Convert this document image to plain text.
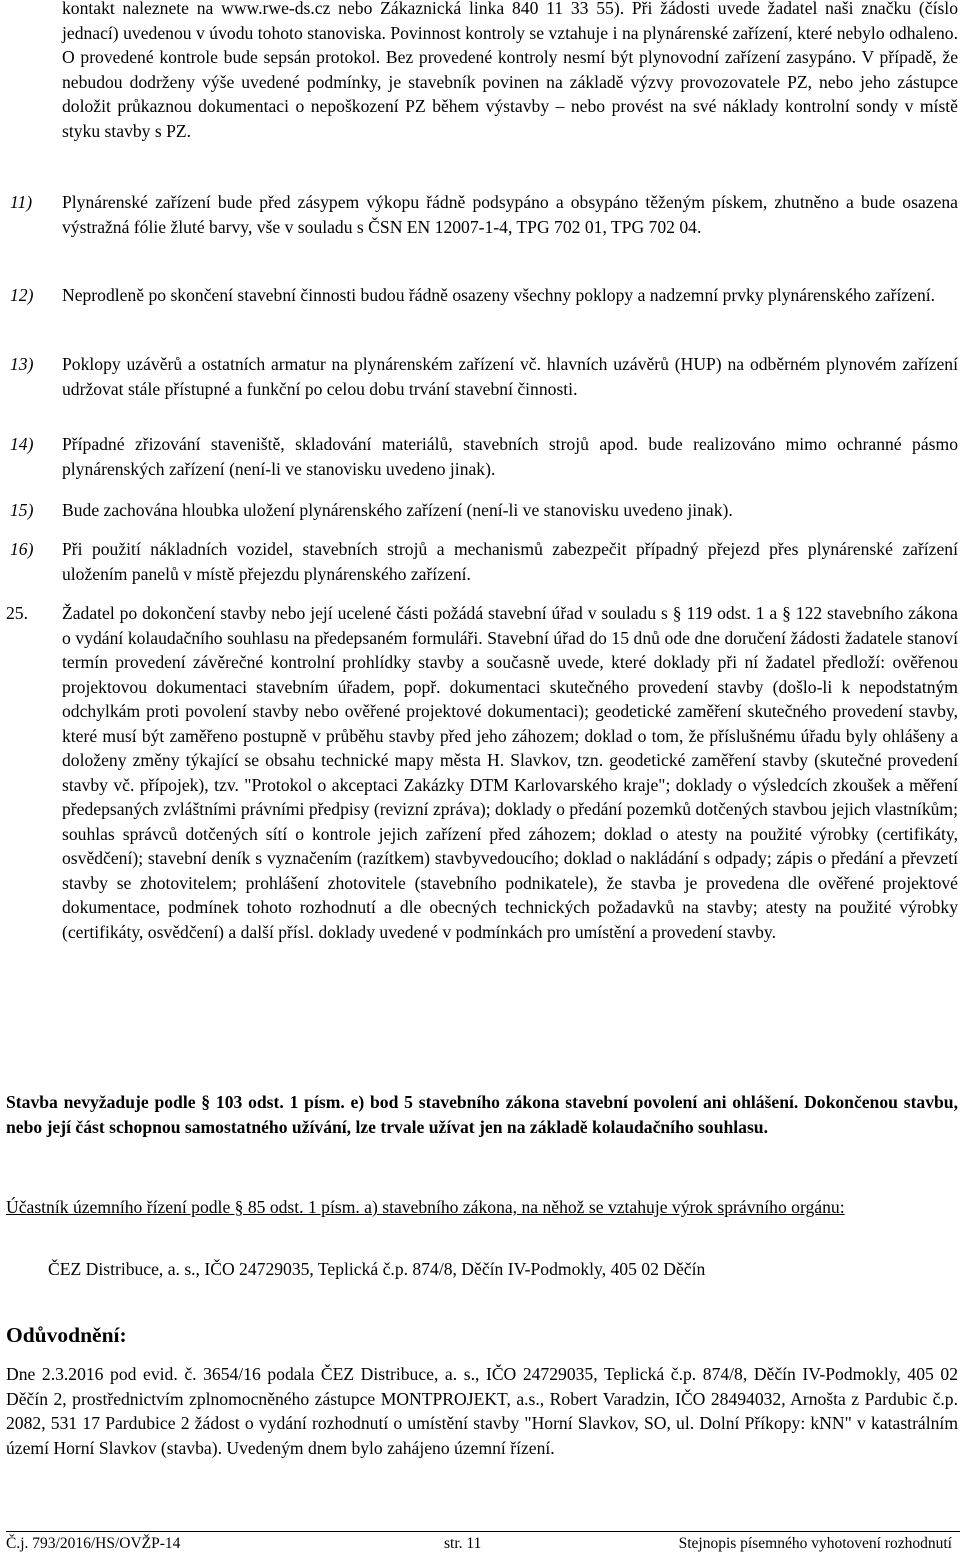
kontakt naleznete na www.rwe-ds.cz nebo Zákaznická linka 840 11 33 55). Při žádosti uvede žadatel naši značku (číslo jednací) uvedenou v úvodu tohoto stanoviska. Povinnost kontroly se vztahuje i na plynárenské zařízení, které nebylo odhaleno. O provedené kontrole bude sepsán protokol. Bez provedené kontroly nesmí být plynovodní zařízení zasypáno. V případě, že nebudou dodrženy výše uvedené podmínky, je stavebník povinen na základě výzvy provozovatele PZ, nebo jeho zástupce doložit průkaznou dokumentaci o nepoškození PZ během výstavby – nebo provést na své náklady kontrolní sondy v místě styku stavby s PZ.

11) Plynárenské zařízení bude před zásypem výkopu řádně podsypáno a obsypáno těženým pískem, zhutněno a bude osazena výstražná fólie žluté barvy, vše v souladu s ČSN EN 12007-1-4, TPG 702 01, TPG 702 04.

12) Neprodleně po skončení stavební činnosti budou řádně osazeny všechny poklopy a nadzemní prvky plynárenského zařízení.

13) Poklopy uzávěrů a ostatních armatur na plynárenském zařízení vč. hlavních uzávěrů (HUP) na odběrném plynovém zařízení udržovat stále přístupné a funkční po celou dobu trvání stavební činnosti.

14) Případné zřizování staveniště, skladování materiálů, stavebních strojů apod. bude realizováno mimo ochranné pásmo plynárenských zařízení (není-li ve stanovisku uvedeno jinak).

15) Bude zachována hloubka uložení plynárenského zařízení (není-li ve stanovisku uvedeno jinak).

16) Při použití nákladních vozidel, stavebních strojů a mechanismů zabezpečit případný přejezd přes plynárenské zařízení uložením panelů v místě přejezdu plynárenského zařízení.

25. Žadatel po dokončení stavby nebo její ucelené části požádá stavební úřad v souladu s § 119 odst. 1 a § 122 stavebního zákona o vydání kolaudačního souhlasu na předepsaném formuláři. Stavební úřad do 15 dnů ode dne doručení žádosti žadatele stanoví termín provedení závěrečné kontrolní prohlídky stavby a současně uvede, které doklady při ní žadatel předloží: ověřenou projektovou dokumentaci stavebním úřadem, popř. dokumentaci skutečného provedení stavby (došlo-li k nepodstatným odchylkám proti povolení stavby nebo ověřené projektové dokumentaci); geodetické zaměření skutečného provedení stavby, které musí být zaměřeno postupně v průběhu stavby před jeho záhozem; doklad o tom, že příslušnému úřadu byly ohlášeny a doloženy změny týkající se obsahu technické mapy města H. Slavkov, tzn. geodetické zaměření stavby (skutečné provedení stavby vč. přípojek), tzv. "Protokol o akceptaci Zakázky DTM Karlovarského kraje"; doklady o výsledcích zkoušek a měření předepsaných zvláštními právními předpisy (revizní zpráva); doklady o předání pozemků dotčených stavbou jejich vlastníkům; souhlas správců dotčených sítí o kontrole jejich zařízení před záhozem; doklad o atesty na použité výrobky (certifikáty, osvědčení); stavební deník s vyznačením (razítkem) stavbyvedoucího; doklad o nakládání s odpady; zápis o předání a převzetí stavby se zhotovitelem; prohlášení zhotovitele (stavebního podnikatele), že stavba je provedena dle ověřené projektové dokumentace, podmínek tohoto rozhodnutí a dle obecných technických požadavků na stavby; atesty na použité výrobky (certifikáty, osvědčení) a další přísl. doklady uvedené v podmínkách pro umístění a provedení stavby.

Stavba nevyžaduje podle § 103 odst. 1 písm. e) bod 5 stavebního zákona stavební povolení ani ohlášení. Dokončenou stavbu, nebo její část schopnou samostatného užívání, lze trvale užívat jen na základě kolaudačního souhlasu.

Účastník územního řízení podle § 85 odst. 1 písm. a) stavebního zákona, na něhož se vztahuje výrok správního orgánu:

ČEZ Distribuce, a. s., IČO 24729035, Teplická č.p. 874/8, Děčín IV-Podmokly, 405 02 Děčín
Odůvodnění:

Dne 2.3.2016 pod evid. č. 3654/16 podala ČEZ Distribuce, a. s., IČO 24729035, Teplická č.p. 874/8, Děčín IV-Podmokly, 405 02 Děčín 2, prostřednictvím zplnomocněného zástupce MONTPROJEKT, a.s., Robert Varadzin, IČO 28494032, Arnošta z Pardubic č.p. 2082, 531 17 Pardubice 2 žádost o vydání rozhodnutí o umístění stavby "Horní Slavkov, SO, ul. Dolní Příkopy: kNN" v katastrálním území Horní Slavkov (stavba). Uvedeným dnem bylo zahájeno územní řízení.

Č.j. 793/2016/HS/OVŽP-14	str. 11	Stejnopis písemného vyhotovení rozhodnutí
